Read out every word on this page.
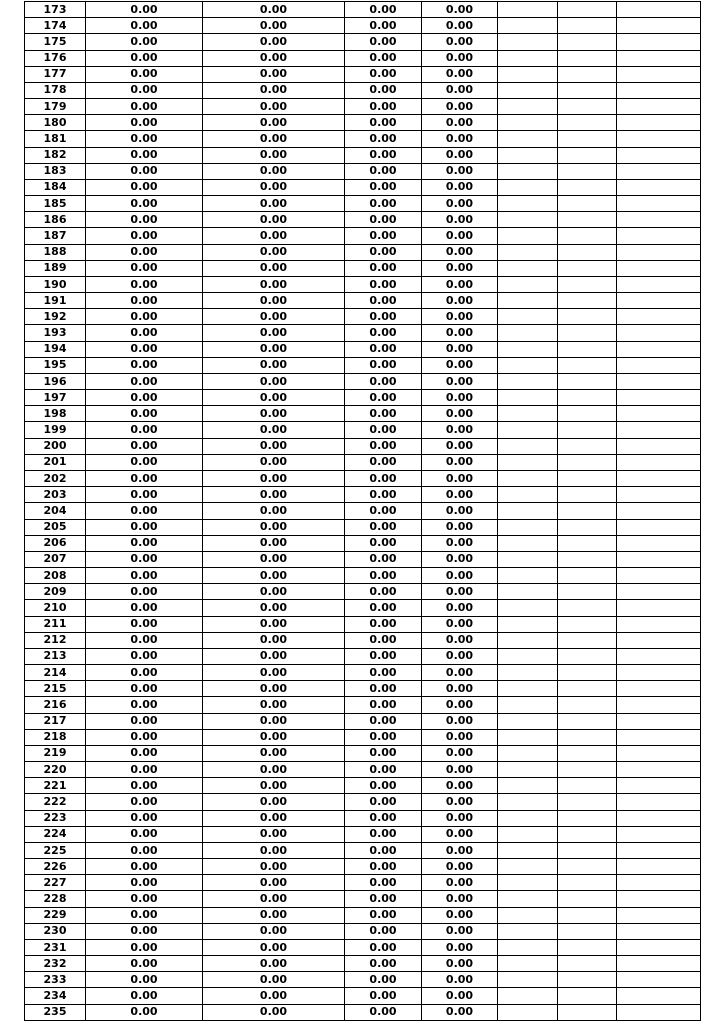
173	0.00	0.00	0.00	0.00			
174	0.00	0.00	0.00	0.00			
175	0.00	0.00	0.00	0.00			
176	0.00	0.00	0.00	0.00			
177	0.00	0.00	0.00	0.00			
178	0.00	0.00	0.00	0.00			
179	0.00	0.00	0.00	0.00			
180	0.00	0.00	0.00	0.00			
181	0.00	0.00	0.00	0.00			
182	0.00	0.00	0.00	0.00			
183	0.00	0.00	0.00	0.00			
184	0.00	0.00	0.00	0.00			
185	0.00	0.00	0.00	0.00			
186	0.00	0.00	0.00	0.00			
187	0.00	0.00	0.00	0.00			
188	0.00	0.00	0.00	0.00			
189	0.00	0.00	0.00	0.00			
190	0.00	0.00	0.00	0.00			
191	0.00	0.00	0.00	0.00			
192	0.00	0.00	0.00	0.00			
193	0.00	0.00	0.00	0.00			
194	0.00	0.00	0.00	0.00			
195	0.00	0.00	0.00	0.00			
196	0.00	0.00	0.00	0.00			
197	0.00	0.00	0.00	0.00			
198	0.00	0.00	0.00	0.00			
199	0.00	0.00	0.00	0.00			
200	0.00	0.00	0.00	0.00			
201	0.00	0.00	0.00	0.00			
202	0.00	0.00	0.00	0.00			
203	0.00	0.00	0.00	0.00			
204	0.00	0.00	0.00	0.00			
205	0.00	0.00	0.00	0.00			
206	0.00	0.00	0.00	0.00			
207	0.00	0.00	0.00	0.00			
208	0.00	0.00	0.00	0.00			
209	0.00	0.00	0.00	0.00			
210	0.00	0.00	0.00	0.00			
211	0.00	0.00	0.00	0.00			
212	0.00	0.00	0.00	0.00			
213	0.00	0.00	0.00	0.00			
214	0.00	0.00	0.00	0.00			
215	0.00	0.00	0.00	0.00			
216	0.00	0.00	0.00	0.00			
217	0.00	0.00	0.00	0.00			
218	0.00	0.00	0.00	0.00			
219	0.00	0.00	0.00	0.00			
220	0.00	0.00	0.00	0.00			
221	0.00	0.00	0.00	0.00			
222	0.00	0.00	0.00	0.00			
223	0.00	0.00	0.00	0.00			
224	0.00	0.00	0.00	0.00			
225	0.00	0.00	0.00	0.00			
226	0.00	0.00	0.00	0.00			
227	0.00	0.00	0.00	0.00			
228	0.00	0.00	0.00	0.00			
229	0.00	0.00	0.00	0.00			
230	0.00	0.00	0.00	0.00			
231	0.00	0.00	0.00	0.00			
232	0.00	0.00	0.00	0.00			
233	0.00	0.00	0.00	0.00			
234	0.00	0.00	0.00	0.00			
235	0.00	0.00	0.00	0.00			
